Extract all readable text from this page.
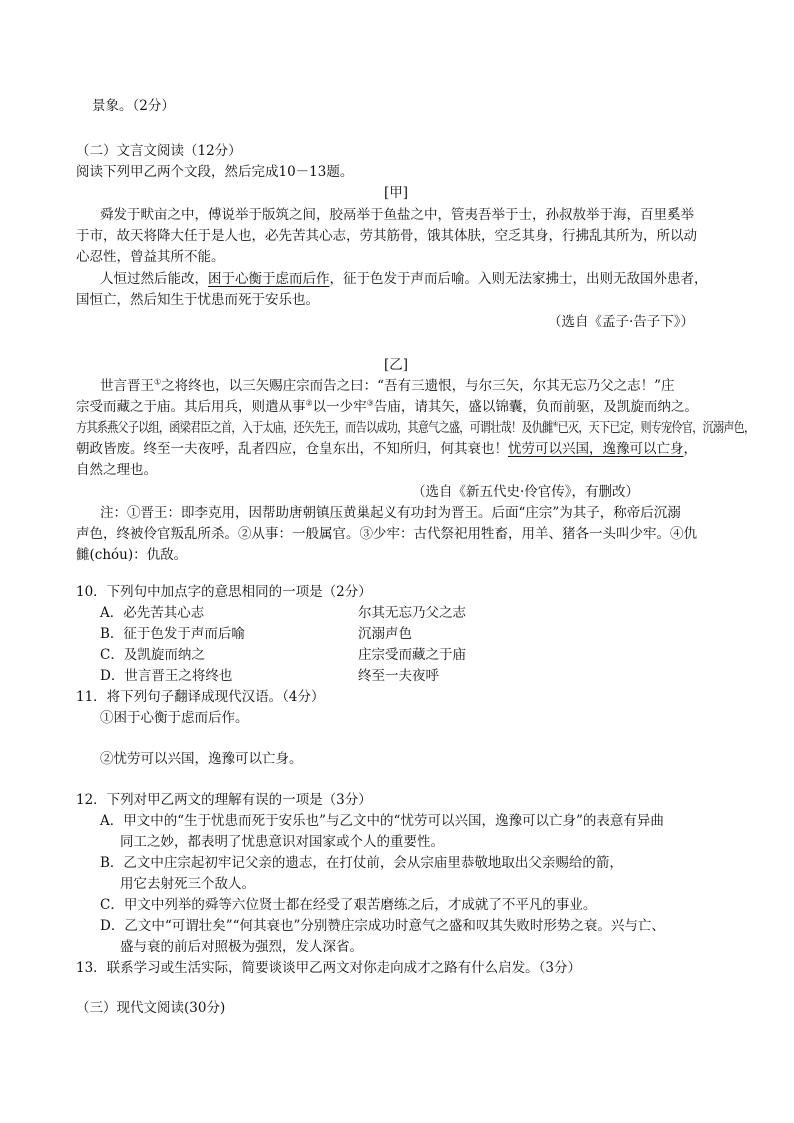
景象。（2分）
（二）文言文阅读（12分）
阅读下列甲乙两个文段，然后完成10－13题。
[甲]
舜发于畎亩之中，傅说举于版筑之间，胶鬲举于鱼盐之中，管夷吾举于士，孙叔敖举于海，百里奚举
于市，故天将降大任于是人也，必先苦其心志，劳其筋骨，饿其体肤，空乏其身，行拂乱其所为，所以动
心忍性，曾益其所不能。
人恒过然后能改，困于心衡于虑而后作，征于色发于声而后喻。入则无法家拂士，出则无敌国外患者，
国恒亡，然后知生于忧患而死于安乐也。
（选自《孟子·告子下》）
[乙]
世言晋王①之将终也，以三矢赐庄宗而告之曰：“吾有三遗恨，与尔三矢，尔其无忘乃父之志！”庄
宗受而藏之于庙。其后用兵，则遣从事②以一少牢③告庙，请其矢，盛以锦囊，负而前驱，及凯旋而纳之。
方其系燕父子以组，函梁君臣之首，入于太庙，还矢先王，而告以成功，其意气之盛，可谓壮哉！及仇雠④已灭，天下已定，则专宠伶官，沉溺声色，
朝政皆废。终至一夫夜呼，乱者四应，仓皇东出，不知所归，何其衰也！忧劳可以兴国，逸豫可以亡身，
自然之理也。
（选自《新五代史·伶官传》，有删改）
注：①晋王：即李克用，因帮助唐朝镇压黄巢起义有功封为晋王。后面“庄宗”为其子，称帝后沉溺
声色，终被伶官叛乱所杀。②从事：一般属官。③少牢：古代祭祀用牲畜，用羊、猪各一头叫少牢。④仇
雠(chóu)：仇敌。
10．下列句中加点字的意思相同的一项是（2分）
A．必先苦其心志	尔其无忘乃父之志
B．征于色发于声而后喻	沉溺声色
C．及凯旋而纳之	庄宗受而藏之于庙
D．世言晋王之将终也	终至一夫夜呼
11．将下列句子翻译成现代汉语。（4分）
①困于心衡于虑而后作。
②忧劳可以兴国，逸豫可以亡身。
12．下列对甲乙两文的理解有误的一项是（3分）
A．甲文中的“生于忧患而死于安乐也”与乙文中的“忧劳可以兴国，逸豫可以亡身”的表意有异曲
同工之妙，都表明了忧患意识对国家或个人的重要性。
B．乙文中庄宗起初牢记父亲的遗志，在打仗前，会从宗庙里恭敬地取出父亲赐给的箭，
用它去射死三个敌人。
C．甲文中列举的舜等六位贤士都在经受了艰苦磨练之后，才成就了不平凡的事业。
D．乙文中“可谓壮矣”“何其衰也”分别赞庄宗成功时意气之盛和叹其失败时形势之衰。兴与亡、
盛与衰的前后对照极为强烈，发人深省。
13．联系学习或生活实际，简要谈谈甲乙两文对你走向成才之路有什么启发。（3分）
（三）现代文阅读(30分)
